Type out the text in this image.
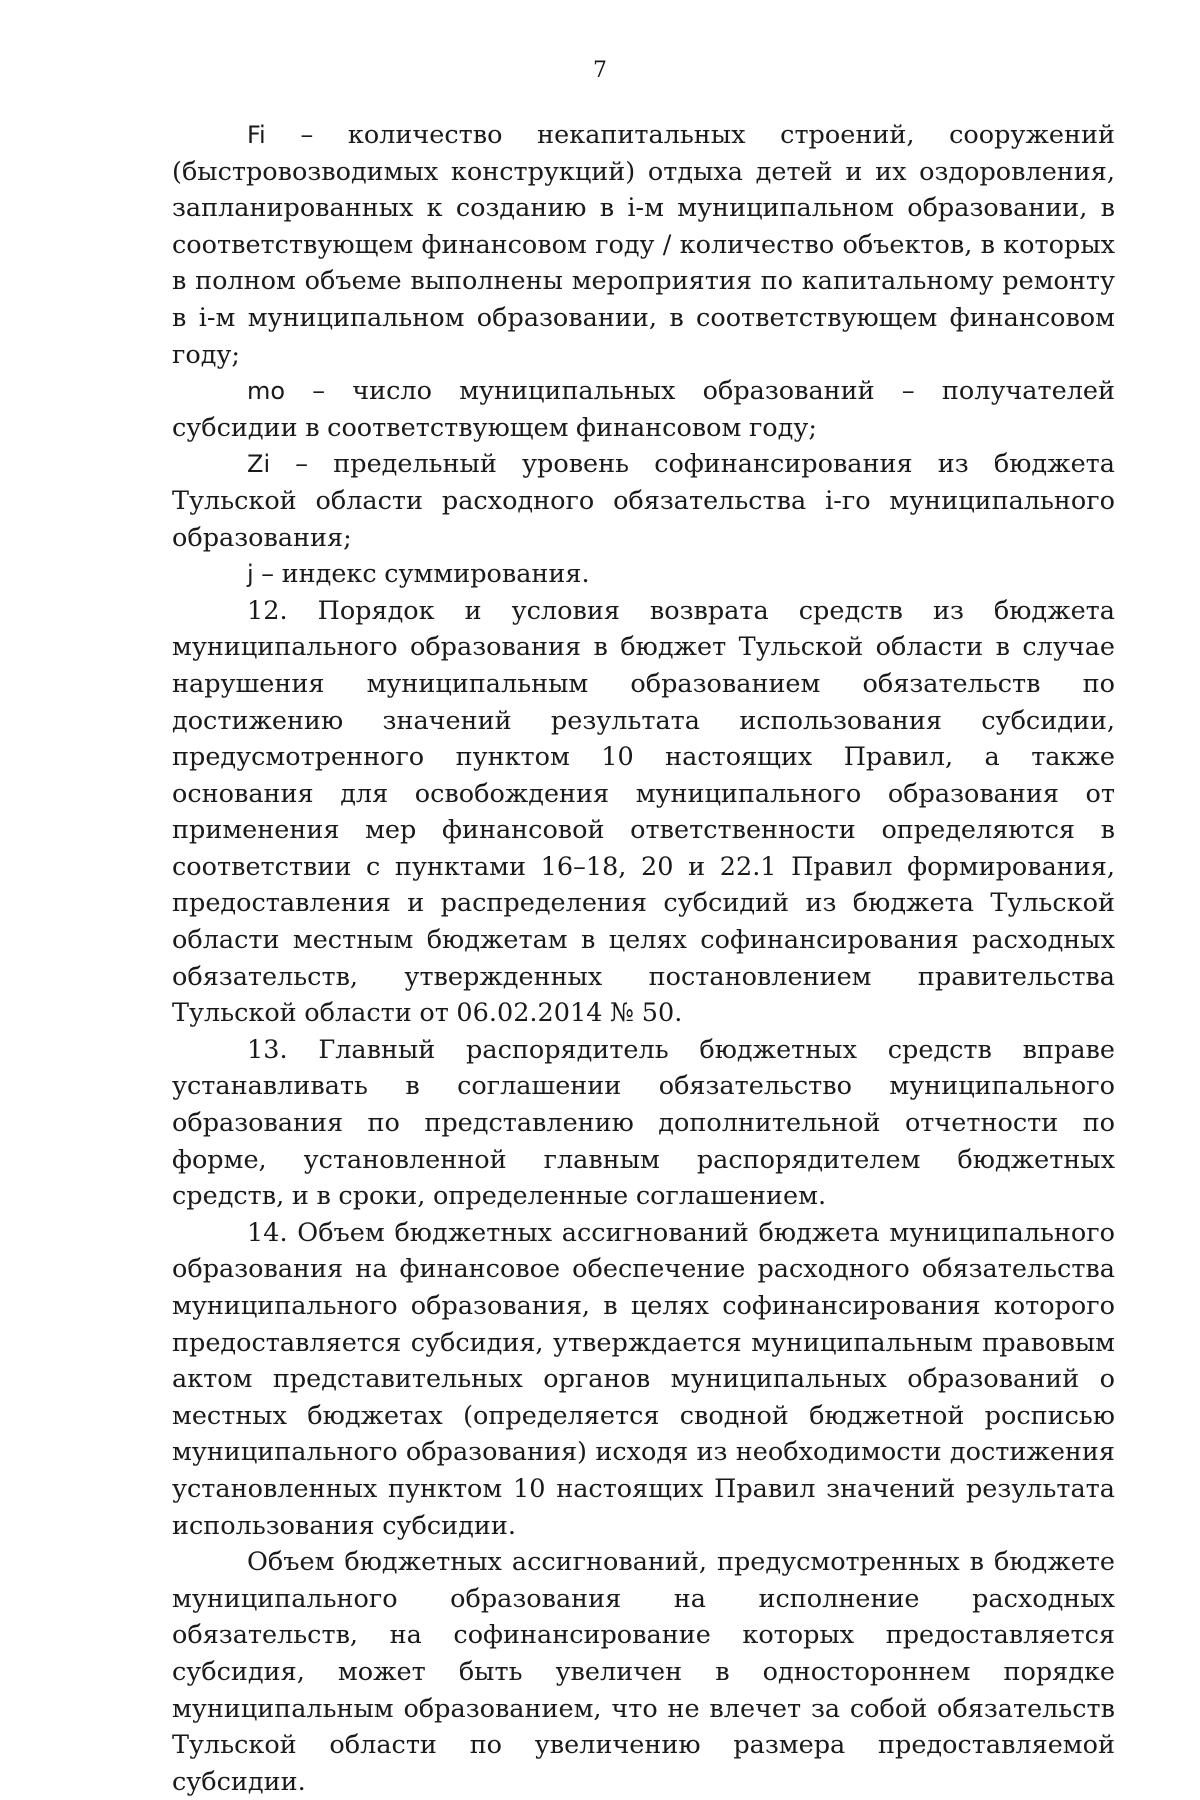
7

Fi – количество некапитальных строений, сооружений (быстровозводимых конструкций) отдыха детей и их оздоровления, запланированных к созданию в i-м муниципальном образовании, в соответствующем финансовом году / количество объектов, в которых в полном объеме выполнены мероприятия по капитальному ремонту в i-м муниципальном образовании, в соответствующем финансовом году;

mo – число муниципальных образований – получателей субсидии в соответствующем финансовом году;

Zi – предельный уровень софинансирования из бюджета Тульской области расходного обязательства i-го муниципального образования;

j – индекс суммирования.

12. Порядок и условия возврата средств из бюджета муниципального образования в бюджет Тульской области в случае нарушения муниципальным образованием обязательств по достижению значений результата использования субсидии, предусмотренного пунктом 10 настоящих Правил, а также основания для освобождения муниципального образования от применения мер финансовой ответственности определяются в соответствии с пунктами 16–18, 20 и 22.1 Правил формирования, предоставления и распределения субсидий из бюджета Тульской области местным бюджетам в целях софинансирования расходных обязательств, утвержденных постановлением правительства Тульской области от 06.02.2014 № 50.

13. Главный распорядитель бюджетных средств вправе устанавливать в соглашении обязательство муниципального образования по представлению дополнительной отчетности по форме, установленной главным распорядителем бюджетных средств, и в сроки, определенные соглашением.

14. Объем бюджетных ассигнований бюджета муниципального образования на финансовое обеспечение расходного обязательства муниципального образования, в целях софинансирования которого предоставляется субсидия, утверждается муниципальным правовым актом представительных органов муниципальных образований о местных бюджетах (определяется сводной бюджетной росписью муниципального образования) исходя из необходимости достижения установленных пунктом 10 настоящих Правил значений результата использования субсидии.

Объем бюджетных ассигнований, предусмотренных в бюджете муниципального образования на исполнение расходных обязательств, на софинансирование которых предоставляется субсидия, может быть увеличен в одностороннем порядке муниципальным образованием, что не влечет за собой обязательств Тульской области по увеличению размера предоставляемой субсидии.
